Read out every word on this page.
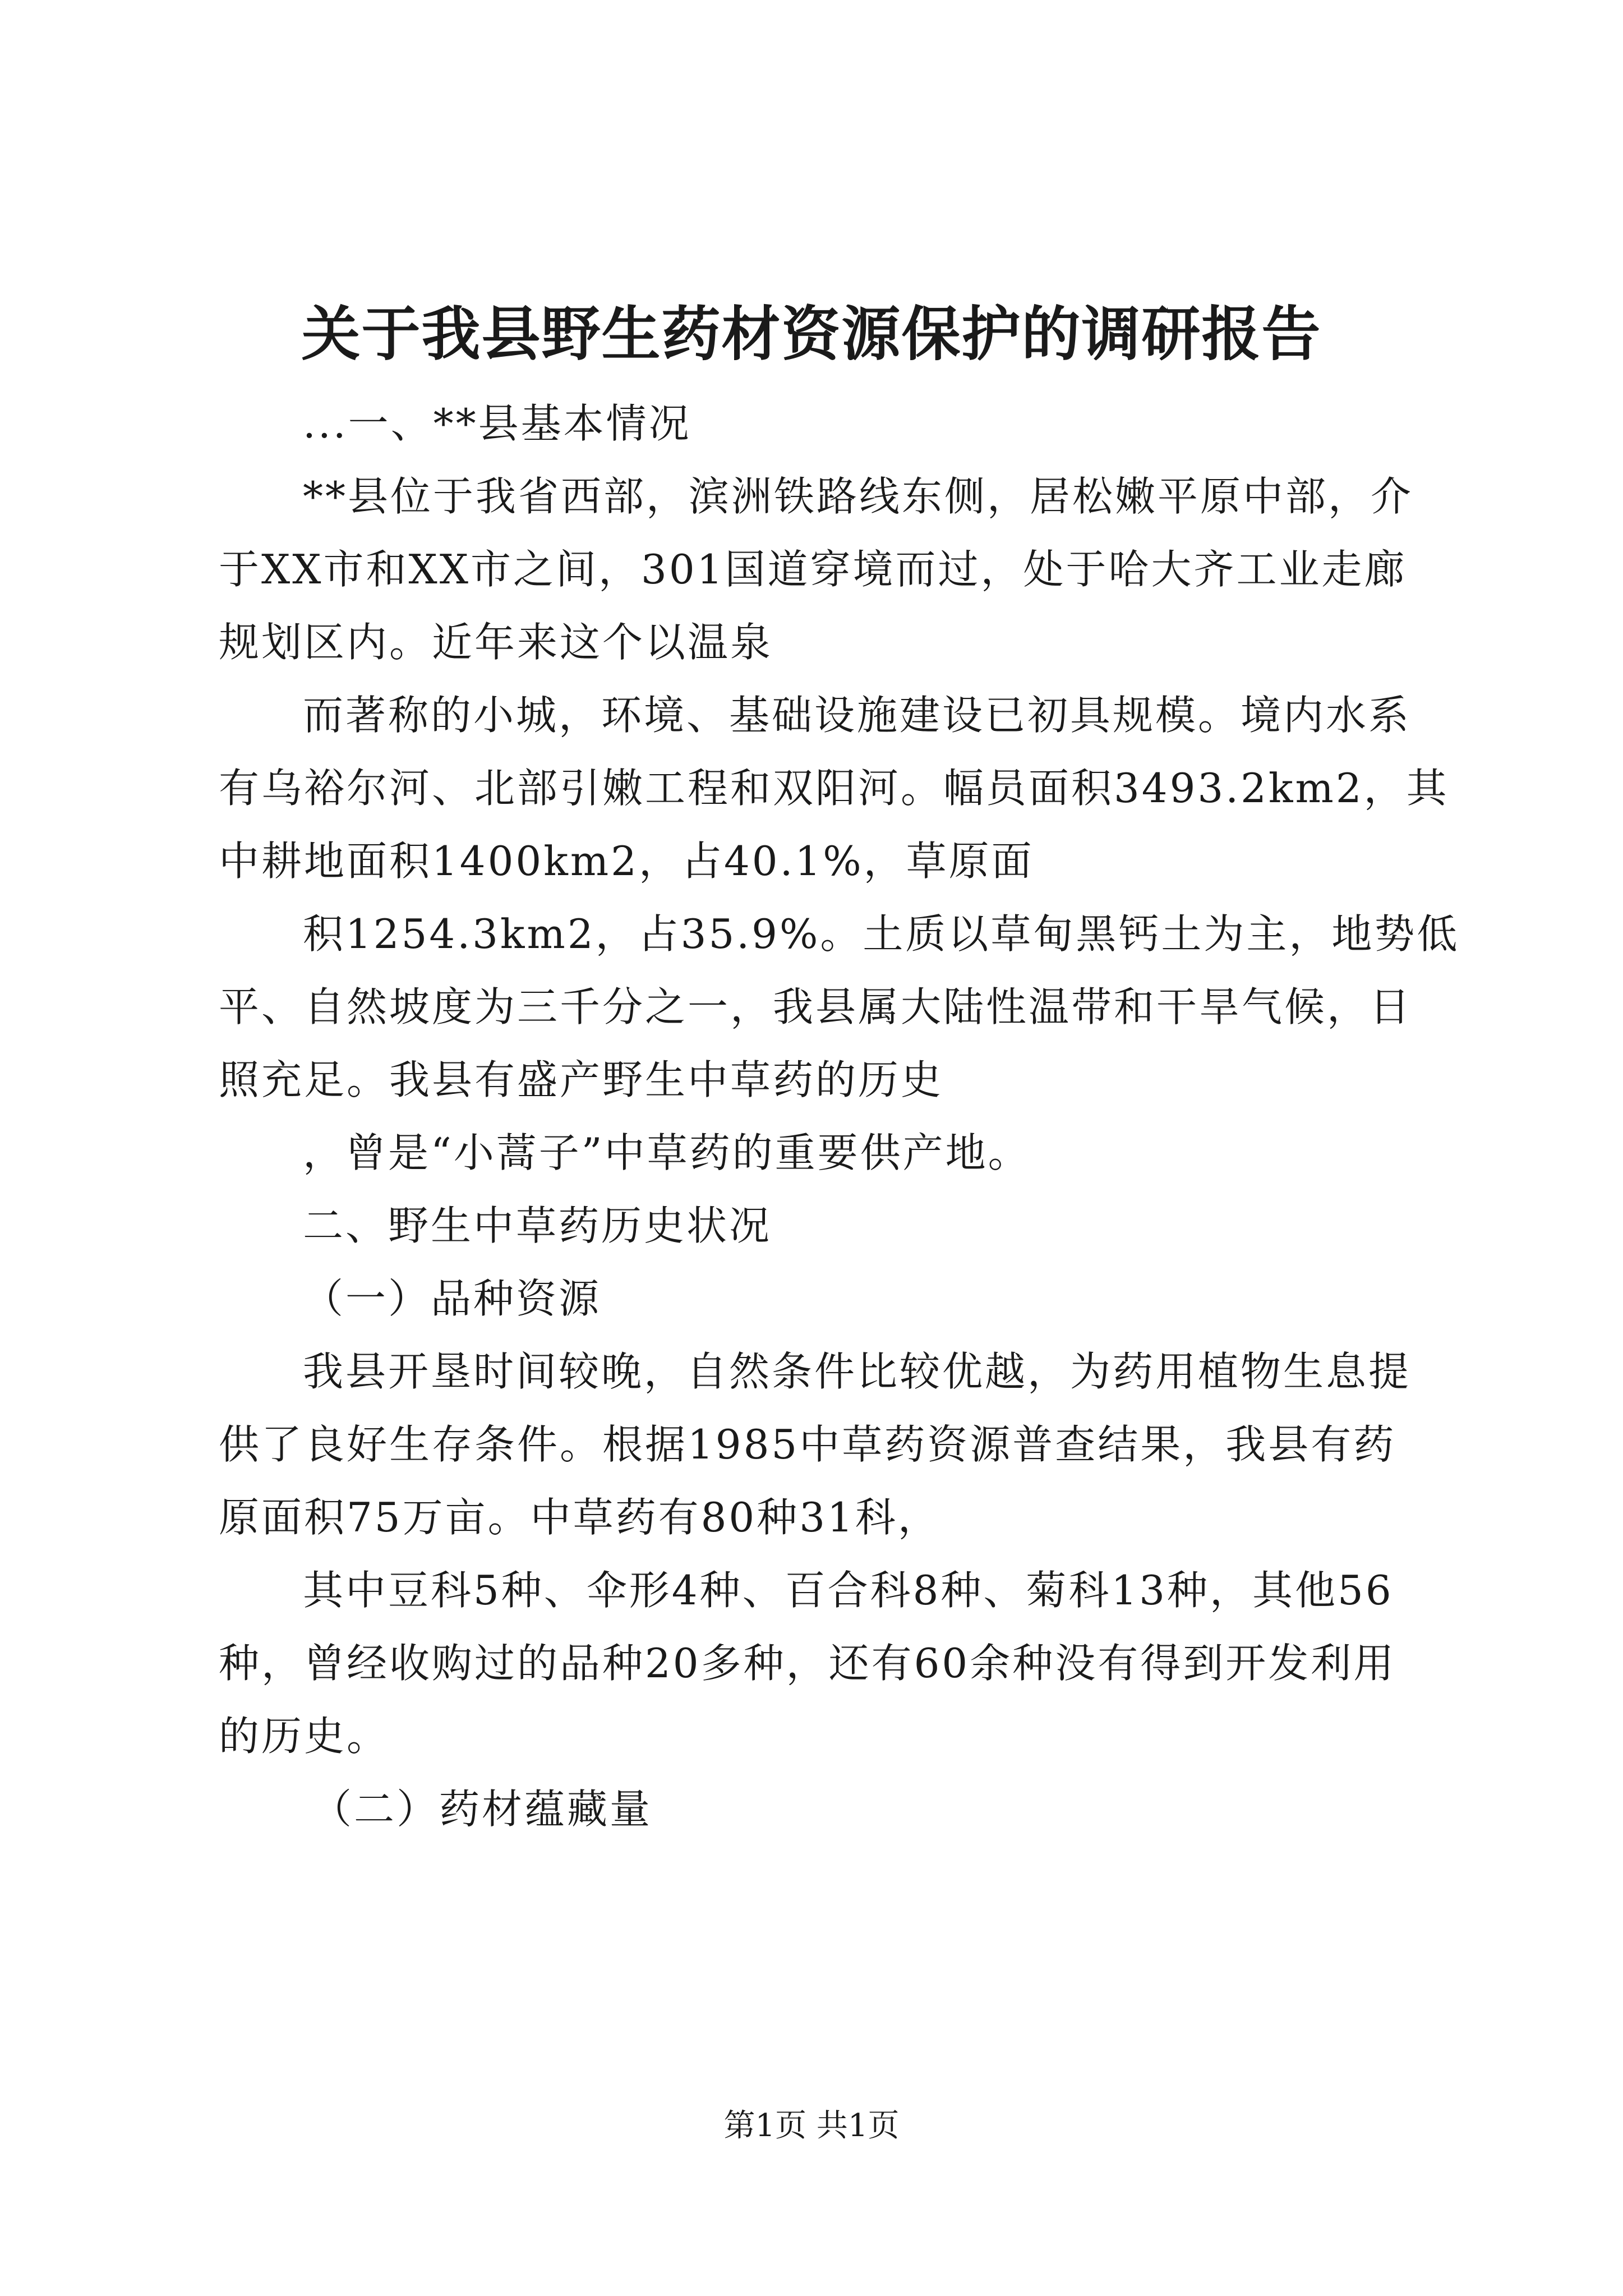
关于我县野生药材资源保护的调研报告
...一、**县基本情况
**县位于我省西部，滨洲铁路线东侧，居松嫩平原中部，介
于XX市和XX市之间，301国道穿境而过，处于哈大齐工业走廊
规划区内。近年来这个以温泉
而著称的小城，环境、基础设施建设已初具规模。境内水系
有乌裕尔河、北部引嫩工程和双阳河。幅员面积3493.2km2，其
中耕地面积1400km2，占40.1%，草原面
积1254.3km2，占35.9%。土质以草甸黑钙土为主，地势低
平、自然坡度为三千分之一，我县属大陆性温带和干旱气候，日
照充足。我县有盛产野生中草药的历史
，曾是“小蒿子”中草药的重要供产地。
二、野生中草药历史状况
（一）品种资源
我县开垦时间较晚，自然条件比较优越，为药用植物生息提
供了良好生存条件。根据1985中草药资源普查结果，我县有药
原面积75万亩。中草药有80种31科，
其中豆科5种、伞形4种、百合科8种、菊科13种，其他56
种，曾经收购过的品种20多种，还有60余种没有得到开发利用
的历史。
（二）药材蕴藏量
第1页 共1页
